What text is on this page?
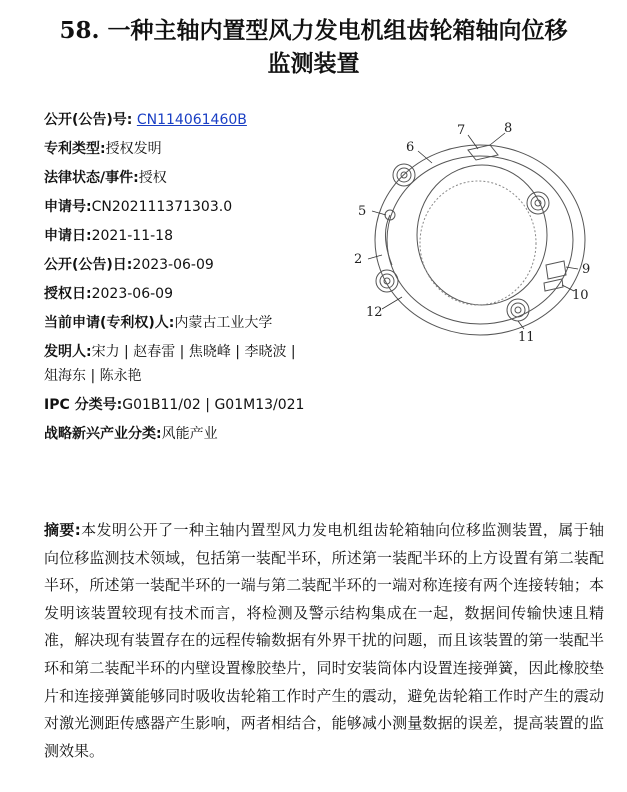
58. 一种主轴内置型风力发电机组齿轮箱轴向位移
监测装置
公开(公告)号: CN114061460B
专利类型:授权发明
法律状态/事件:授权
申请号:CN202111371303.0
申请日:2021-11-18
公开(公告)日:2023-06-09
授权日:2023-06-09
当前申请(专利权)人:内蒙古工业大学
发明人:宋力 | 赵春雷 | 焦晓峰 | 李晓波 |
俎海东 | 陈永艳
IPC 分类号:G01B11/02 | G01M13/021
战略新兴产业分类:风能产业
7	8
6
5
2
9
10
12
11
摘要:本发明公开了一种主轴内置型风力发电机组齿轮箱轴向位移监测装置，属于轴向位移监测技术领域，包括第一装配半环，所述第一装配半环的上方设置有第二装配半环，所述第一装配半环的一端与第二装配半环的一端对称连接有两个连接转轴；本发明该装置较现有技术而言，将检测及警示结构集成在一起，数据间传输快速且精准，解决现有装置存在的远程传输数据有外界干扰的问题，而且该装置的第一装配半环和第二装配半环的内壁设置橡胶垫片，同时安装筒体内设置连接弹簧，因此橡胶垫片和连接弹簧能够同时吸收齿轮箱工作时产生的震动，避免齿轮箱工作时产生的震动对激光测距传感器产生影响，两者相结合，能够减小测量数据的误差，提高装置的监测效果。
